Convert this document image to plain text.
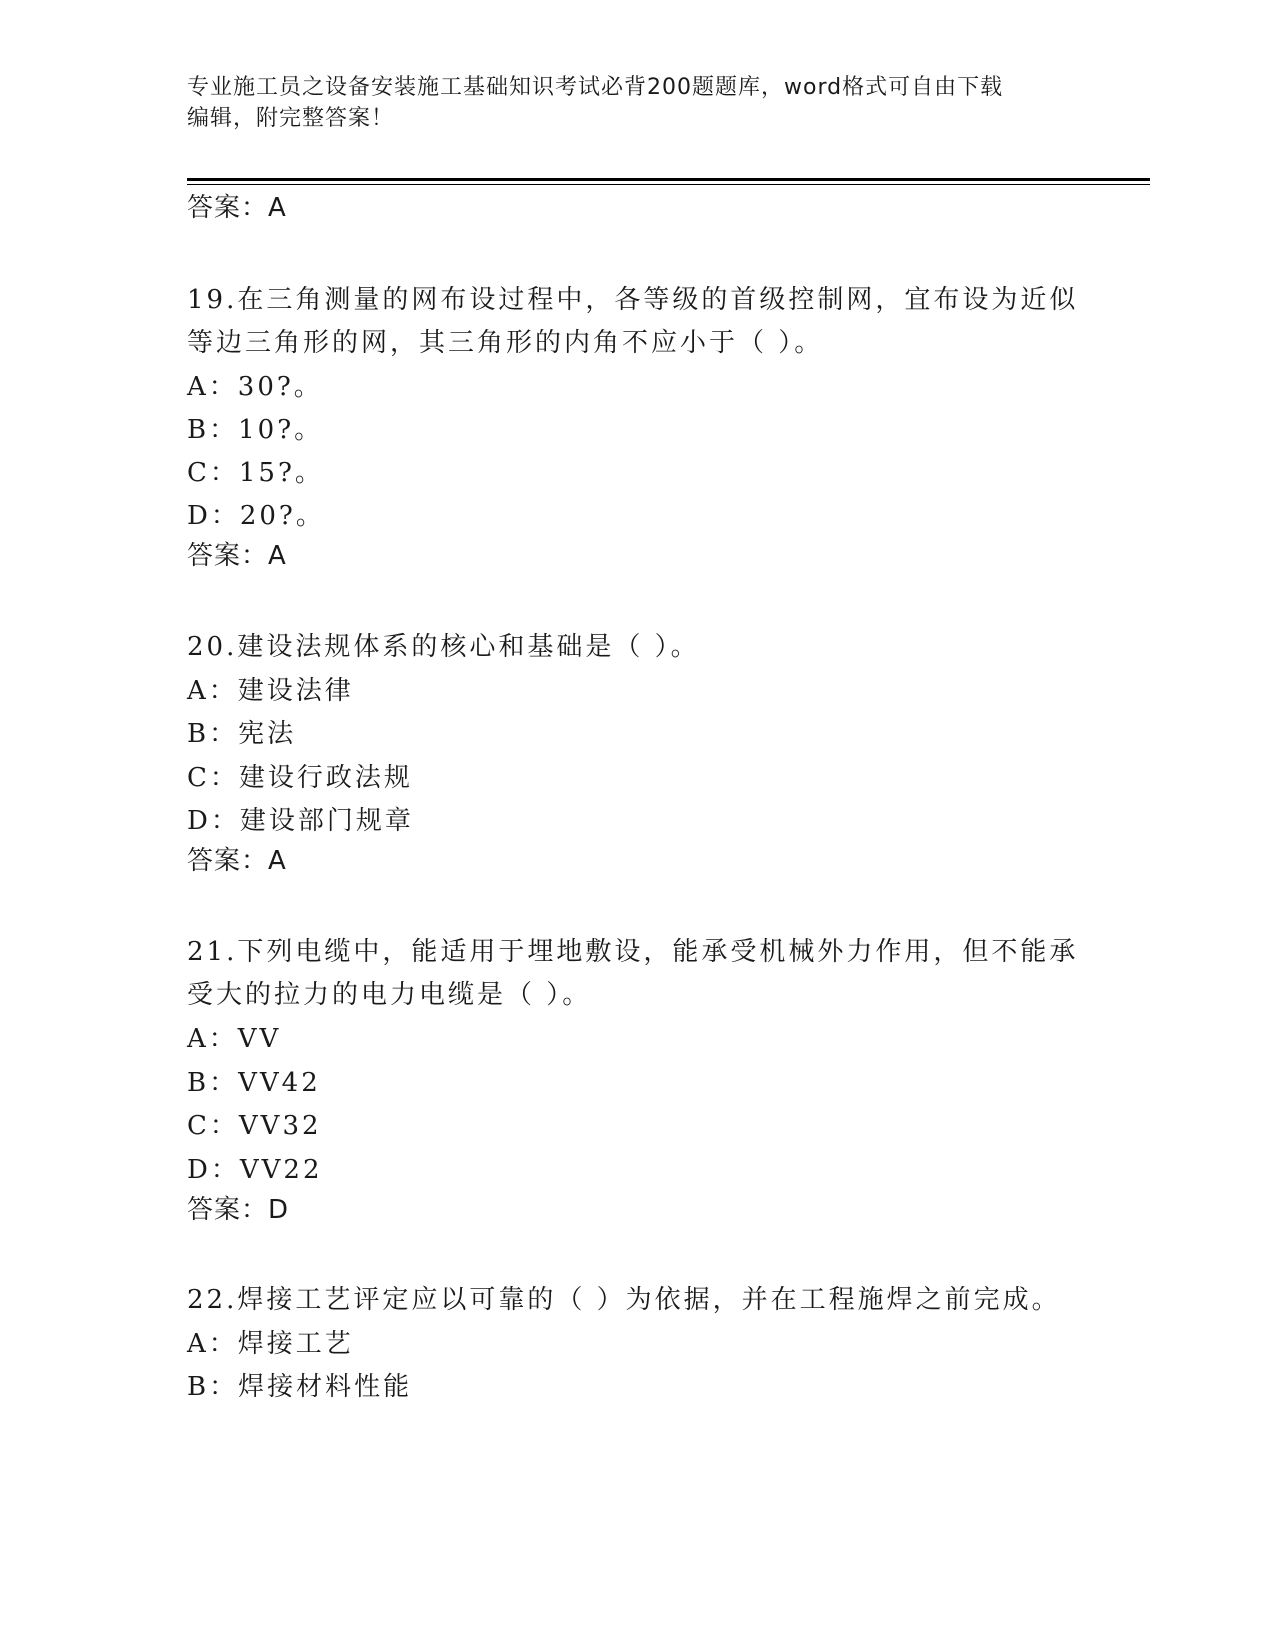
专业施工员之设备安装施工基础知识考试必背200题题库，word格式可自由下载
编辑，附完整答案！
答案：A
19.在三角测量的网布设过程中，各等级的首级控制网，宜布设为近似
等边三角形的网，其三角形的内角不应小于（ ）。
A：30?。
B：10?。
C：15?。
D：20?。
答案：A
20.建设法规体系的核心和基础是（ ）。
A：建设法律
B：宪法
C：建设行政法规
D：建设部门规章
答案：A
21.下列电缆中，能适用于埋地敷设，能承受机械外力作用，但不能承
受大的拉力的电力电缆是（ ）。
A：VV
B：VV42
C：VV32
D：VV22
答案：D
22.焊接工艺评定应以可靠的（ ）为依据，并在工程施焊之前完成。
A：焊接工艺
B：焊接材料性能
